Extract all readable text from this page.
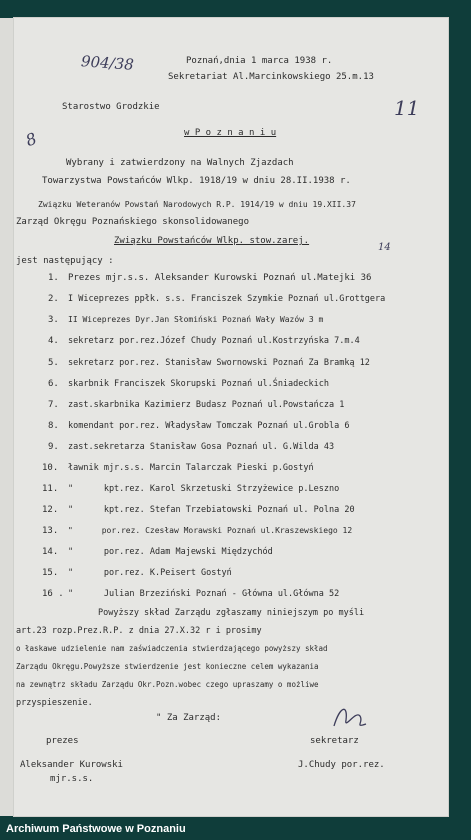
904/38
11
8
14
Poznań,dnia 1 marca 1938 r.
Sekretariat Al.Marcinkowskiego 25.m.13
Starostwo Grodzkie
w P o z n a n i u
Wybrany i zatwierdzony na Walnych Zjazdach
Towarzystwa Powstańców Wlkp. 1918/19 w dniu 28.II.1938 r.
Związku Weteranów Powstań Narodowych R.P. 1914/19 w dniu 19.XII.37
Zarząd Okręgu Poznańskiego skonsolidowanego
Związku Powstańców Wlkp. stow.zarej.
jest następujący :
1. Prezes mjr.s.s. Aleksander Kurowski Poznań ul.Matejki 36
2. I Wiceprezes ppłk. s.s. Franciszek Szymkie Poznań ul.Grottgera
3. II Wiceprezes Dyr.Jan Słomiński Poznań Wały Wazów 3 m
4. sekretarz por.rez.Józef Chudy Poznań ul.Kostrzyńska 7.m.4
5. sekretarz por.rez. Stanisław Swornowski Poznań Za Bramką 12
6. skarbnik Franciszek Skorupski Poznań ul.Śniadeckich
7. zast.skarbnika Kazimierz Budasz Poznań ul.Powstańcza 1
8. komendant por.rez. Władysław Tomczak Poznań ul.Grobla 6
9. zast.sekretarza Stanisław Gosa Poznań ul. G.Wilda 43
10. ławnik mjr.s.s. Marcin Talarczak Pieski p.Gostyń
11. "      kpt.rez. Karol Skrzetuski Strzyżewice p.Leszno
12. "      kpt.rez. Stefan Trzebiatowski Poznań ul. Polna 20
13. "      por.rez. Czesław Morawski Poznań ul.Kraszewskiego 12
14. "      por.rez. Adam Majewski Międzychód
15. "      por.rez. K.Peisert Gostyń
16 . "      Julian Brzeziński Poznań - Główna ul.Główna 52
Powyższy skład Zarządu zgłaszamy niniejszym po myśli
art.23 rozp.Prez.R.P. z dnia 27.X.32 r i prosimy
o łaskawe udzielenie nam zaświadczenia stwierdzającego powyższy skład
Zarządu Okręgu.Powyższe stwierdzenie jest konieczne celem wykazania
na zewnątrz składu Zarządu Okr.Pozn.wobec czego upraszamy o możliwe
przyspieszenie.
" Za Zarząd:
prezes
Aleksander Kurowski
mjr.s.s.
sekretarz
J.Chudy por.rez.
Archiwum Państwowe w Poznaniu
